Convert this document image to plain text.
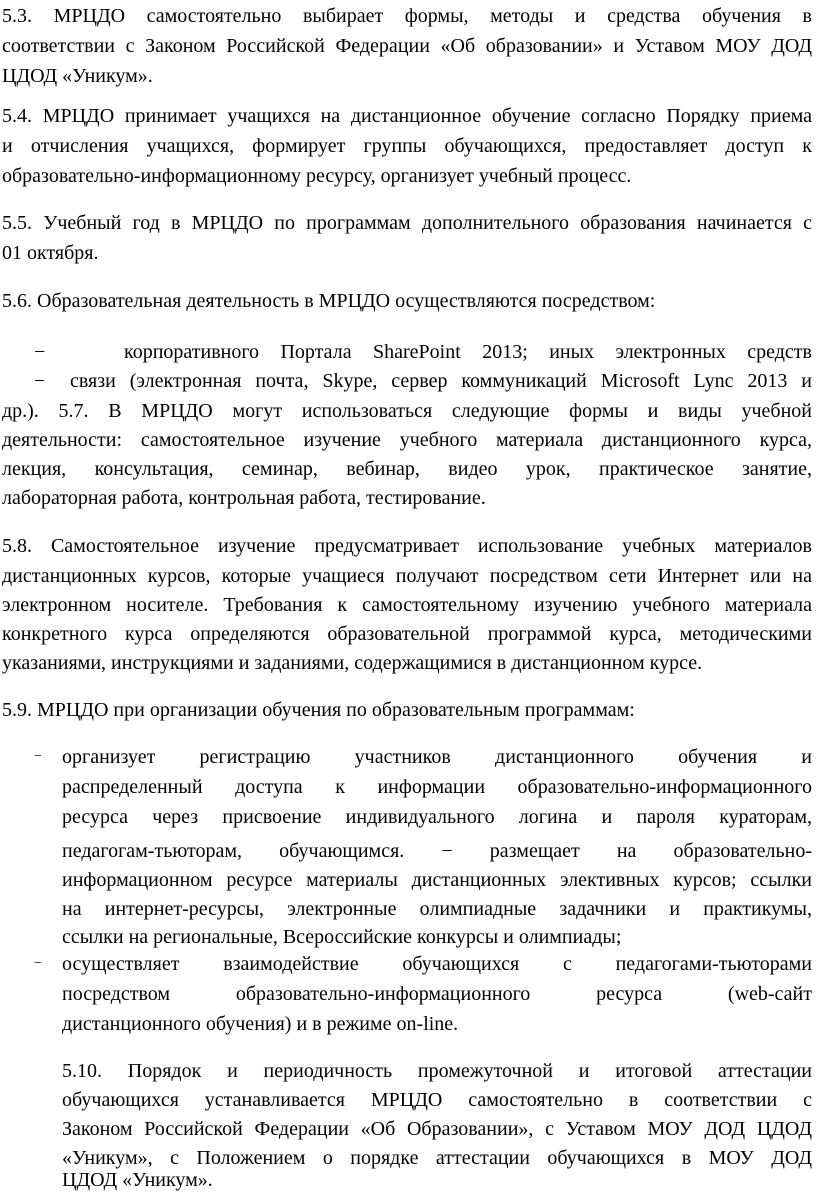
5.3. МРЦДО самостоятельно выбирает формы, методы и средства обучения в
соответствии с Законом Российской Федерации «Об образовании» и Уставом МОУ ДОД
ЦДОД «Уникум».
5.4. МРЦДО принимает учащихся на дистанционное обучение согласно Порядку приема
и отчисления учащихся, формирует группы обучающихся, предоставляет доступ к
образовательно-информационному ресурсу, организует учебный процесс.
5.5. Учебный год в МРЦДО по программам дополнительного образования начинается с
01 октября.
5.6. Образовательная деятельность в МРЦДО осуществляются посредством:
−	корпоративного Портала SharePoint 2013; иных электронных средств
− связи (электронная почта, Skype, сервер коммуникаций Microsoft Lync 2013 и
др.). 5.7. В МРЦДО могут использоваться следующие формы и виды учебной
деятельности: самостоятельное изучение учебного материала дистанционного курса,
лекция, консультация, семинар, вебинар, видео урок, практическое занятие,
лабораторная работа, контрольная работа, тестирование.
5.8. Самостоятельное изучение предусматривает использование учебных материалов
дистанционных курсов, которые учащиеся получают посредством сети Интернет или на
электронном носителе. Требования к самостоятельному изучению учебного материала
конкретного курса определяются образовательной программой курса, методическими
указаниями, инструкциями и заданиями, содержащимися в дистанционном курсе.
5.9. МРЦДО при организации обучения по образовательным программам:
− организует регистрацию участников дистанционного обучения и
распределенный доступа к информации образовательно-информационного
ресурса через присвоение индивидуального логина и пароля кураторам,
педагогам-тьюторам, обучающимся. − размещает на образовательно-
информационном ресурсе материалы дистанционных элективных курсов; ссылки
на интернет-ресурсы, электронные олимпиадные задачники и практикумы,
ссылки на региональные, Всероссийские конкурсы и олимпиады;
− осуществляет взаимодействие обучающихся с педагогами-тьюторами
посредством образовательно-информационного ресурса (web-сайт
дистанционного обучения) и в режиме on-line.
5.10. Порядок и периодичность промежуточной и итоговой аттестации
обучающихся устанавливается МРЦДО самостоятельно в соответствии с
Законом Российской Федерации «Об Образовании», с Уставом МОУ ДОД ЦДОД
«Уникум», с Положением о порядке аттестации обучающихся в МОУ ДОД
ЦДОД «Уникум».
